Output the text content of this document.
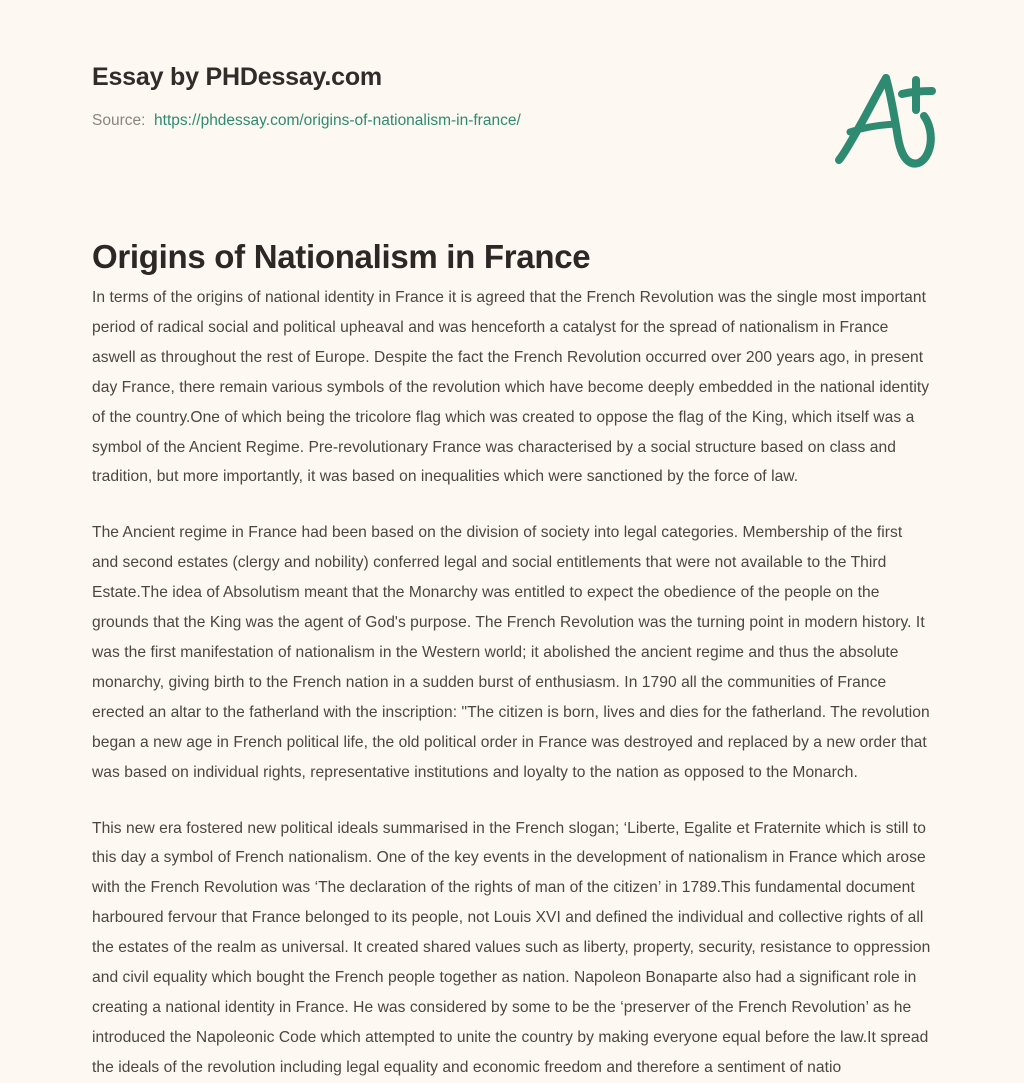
Essay by PHDessay.com
Source: https://phdessay.com/origins-of-nationalism-in-france/
Origins of Nationalism in France

In terms of the origins of national identity in France it is agreed that the French Revolution was the single most important period of radical social and political upheaval and was henceforth a catalyst for the spread of nationalism in France aswell as throughout the rest of Europe. Despite the fact the French Revolution occurred over 200 years ago, in present day France, there remain various symbols of the revolution which have become deeply embedded in the national identity of the country.One of which being the tricolore flag which was created to oppose the flag of the King, which itself was a symbol of the Ancient Regime. Pre-revolutionary France was characterised by a social structure based on class and tradition, but more importantly, it was based on inequalities which were sanctioned by the force of law.

The Ancient regime in France had been based on the division of society into legal categories. Membership of the first and second estates (clergy and nobility) conferred legal and social entitlements that were not available to the Third Estate.The idea of Absolutism meant that the Monarchy was entitled to expect the obedience of the people on the grounds that the King was the agent of God's purpose. The French Revolution was the turning point in modern history. It was the first manifestation of nationalism in the Western world; it abolished the ancient regime and thus the absolute monarchy, giving birth to the French nation in a sudden burst of enthusiasm. In 1790 all the communities of France erected an altar to the fatherland with the inscription: "The citizen is born, lives and dies for the fatherland. The revolution began a new age in French political life, the old political order in France was destroyed and replaced by a new order that was based on individual rights, representative institutions and loyalty to the nation as opposed to the Monarch.

This new era fostered new political ideals summarised in the French slogan; ‘Liberte, Egalite et Fraternite which is still to this day a symbol of French nationalism. One of the key events in the development of nationalism in France which arose with the French Revolution was ‘The declaration of the rights of man of the citizen’ in 1789.This fundamental document harboured fervour that France belonged to its people, not Louis XVI and defined the individual and collective rights of all the estates of the realm as universal. It created shared values such as liberty, property, security, resistance to oppression and civil equality which bought the French people together as nation. Napoleon Bonaparte also had a significant role in creating a national identity in France. He was considered by some to be the ‘preserver of the French Revolution’ as he introduced the Napoleonic Code which attempted to unite the country by making everyone equal before the law.It spread the ideals of the revolution including legal equality and economic freedom and therefore a sentiment of natio
